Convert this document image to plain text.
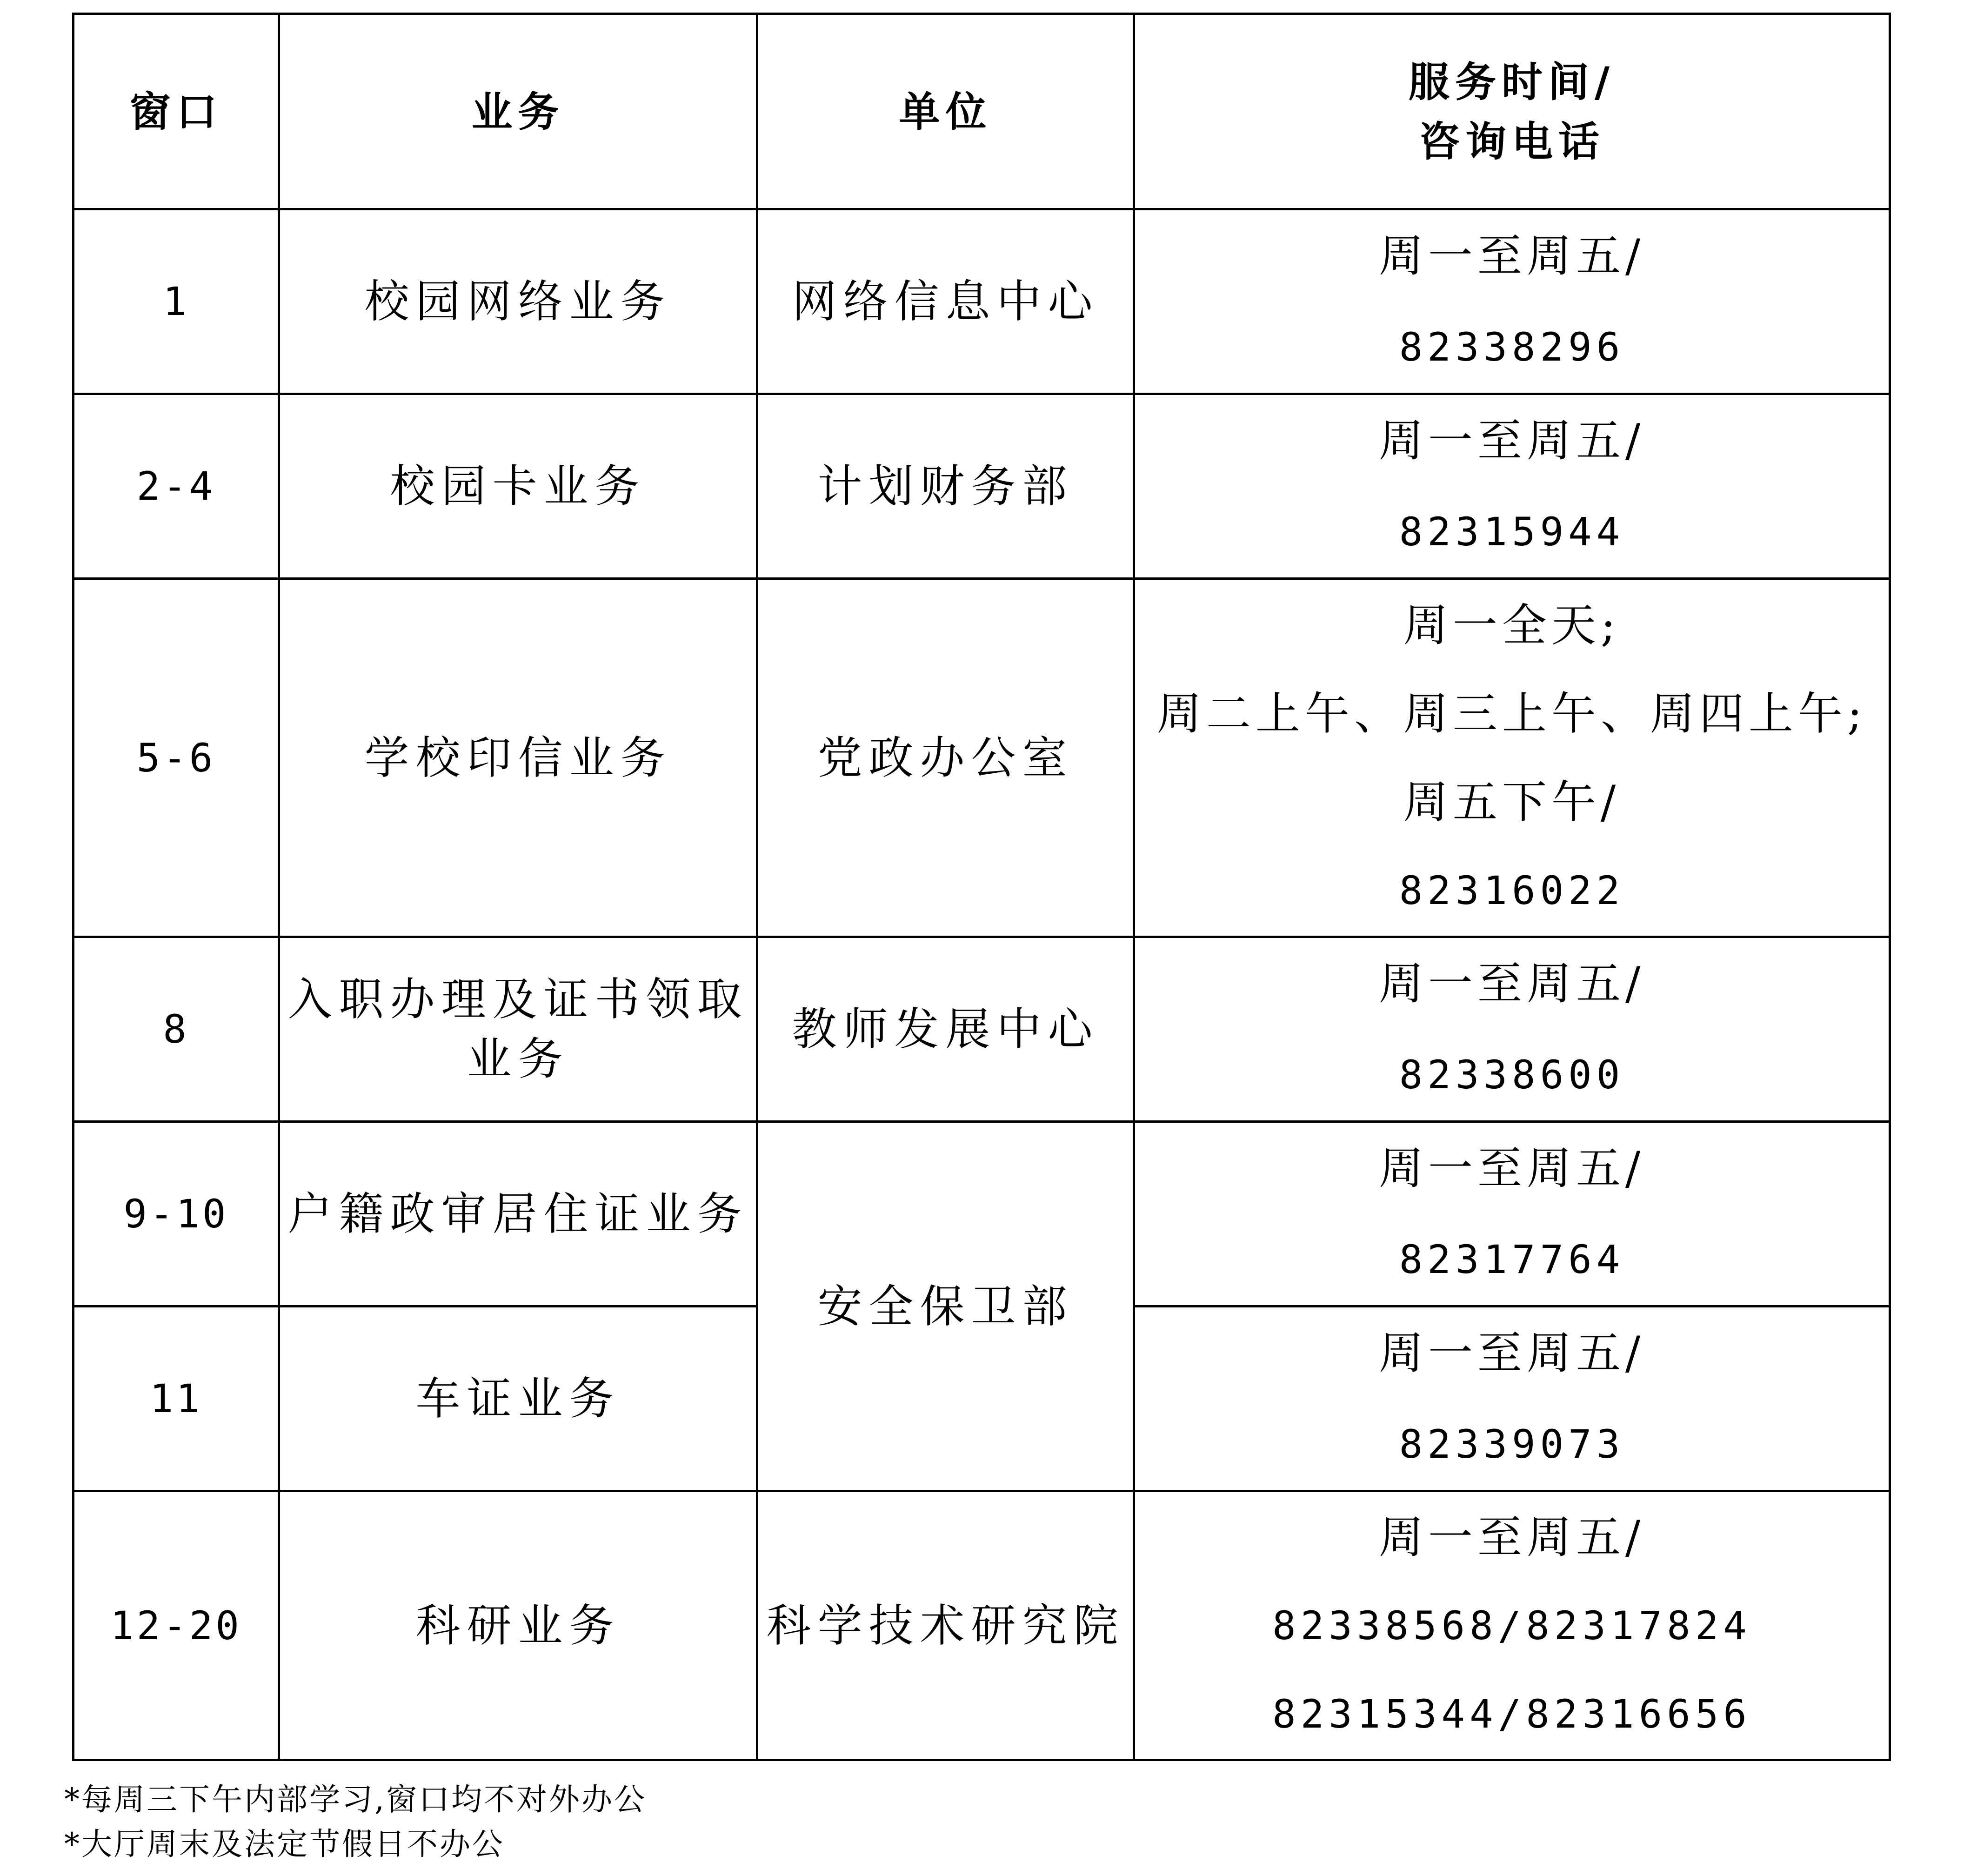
窗口	业务	单位	服务时间/
咨询电话

1	校园网络业务	网络信息中心	周一至周五/
82338296

2-4	校园卡业务	计划财务部	周一至周五/
82315944

5-6	学校印信业务	党政办公室	周一全天;
周二上午、周三上午、周四上午;
周五下午/
82316022

8	入职办理及证书领取
业务	教师发展中心	周一至周五/
82338600

9-10	户籍政审居住证业务	安全保卫部	周一至周五/
82317764

11	车证业务		周一至周五/
82339073

12-20	科研业务	科学技术研究院	周一至周五/
82338568/82317824
82315344/82316656
*每周三下午内部学习,窗口均不对外办公
*大厅周末及法定节假日不办公
